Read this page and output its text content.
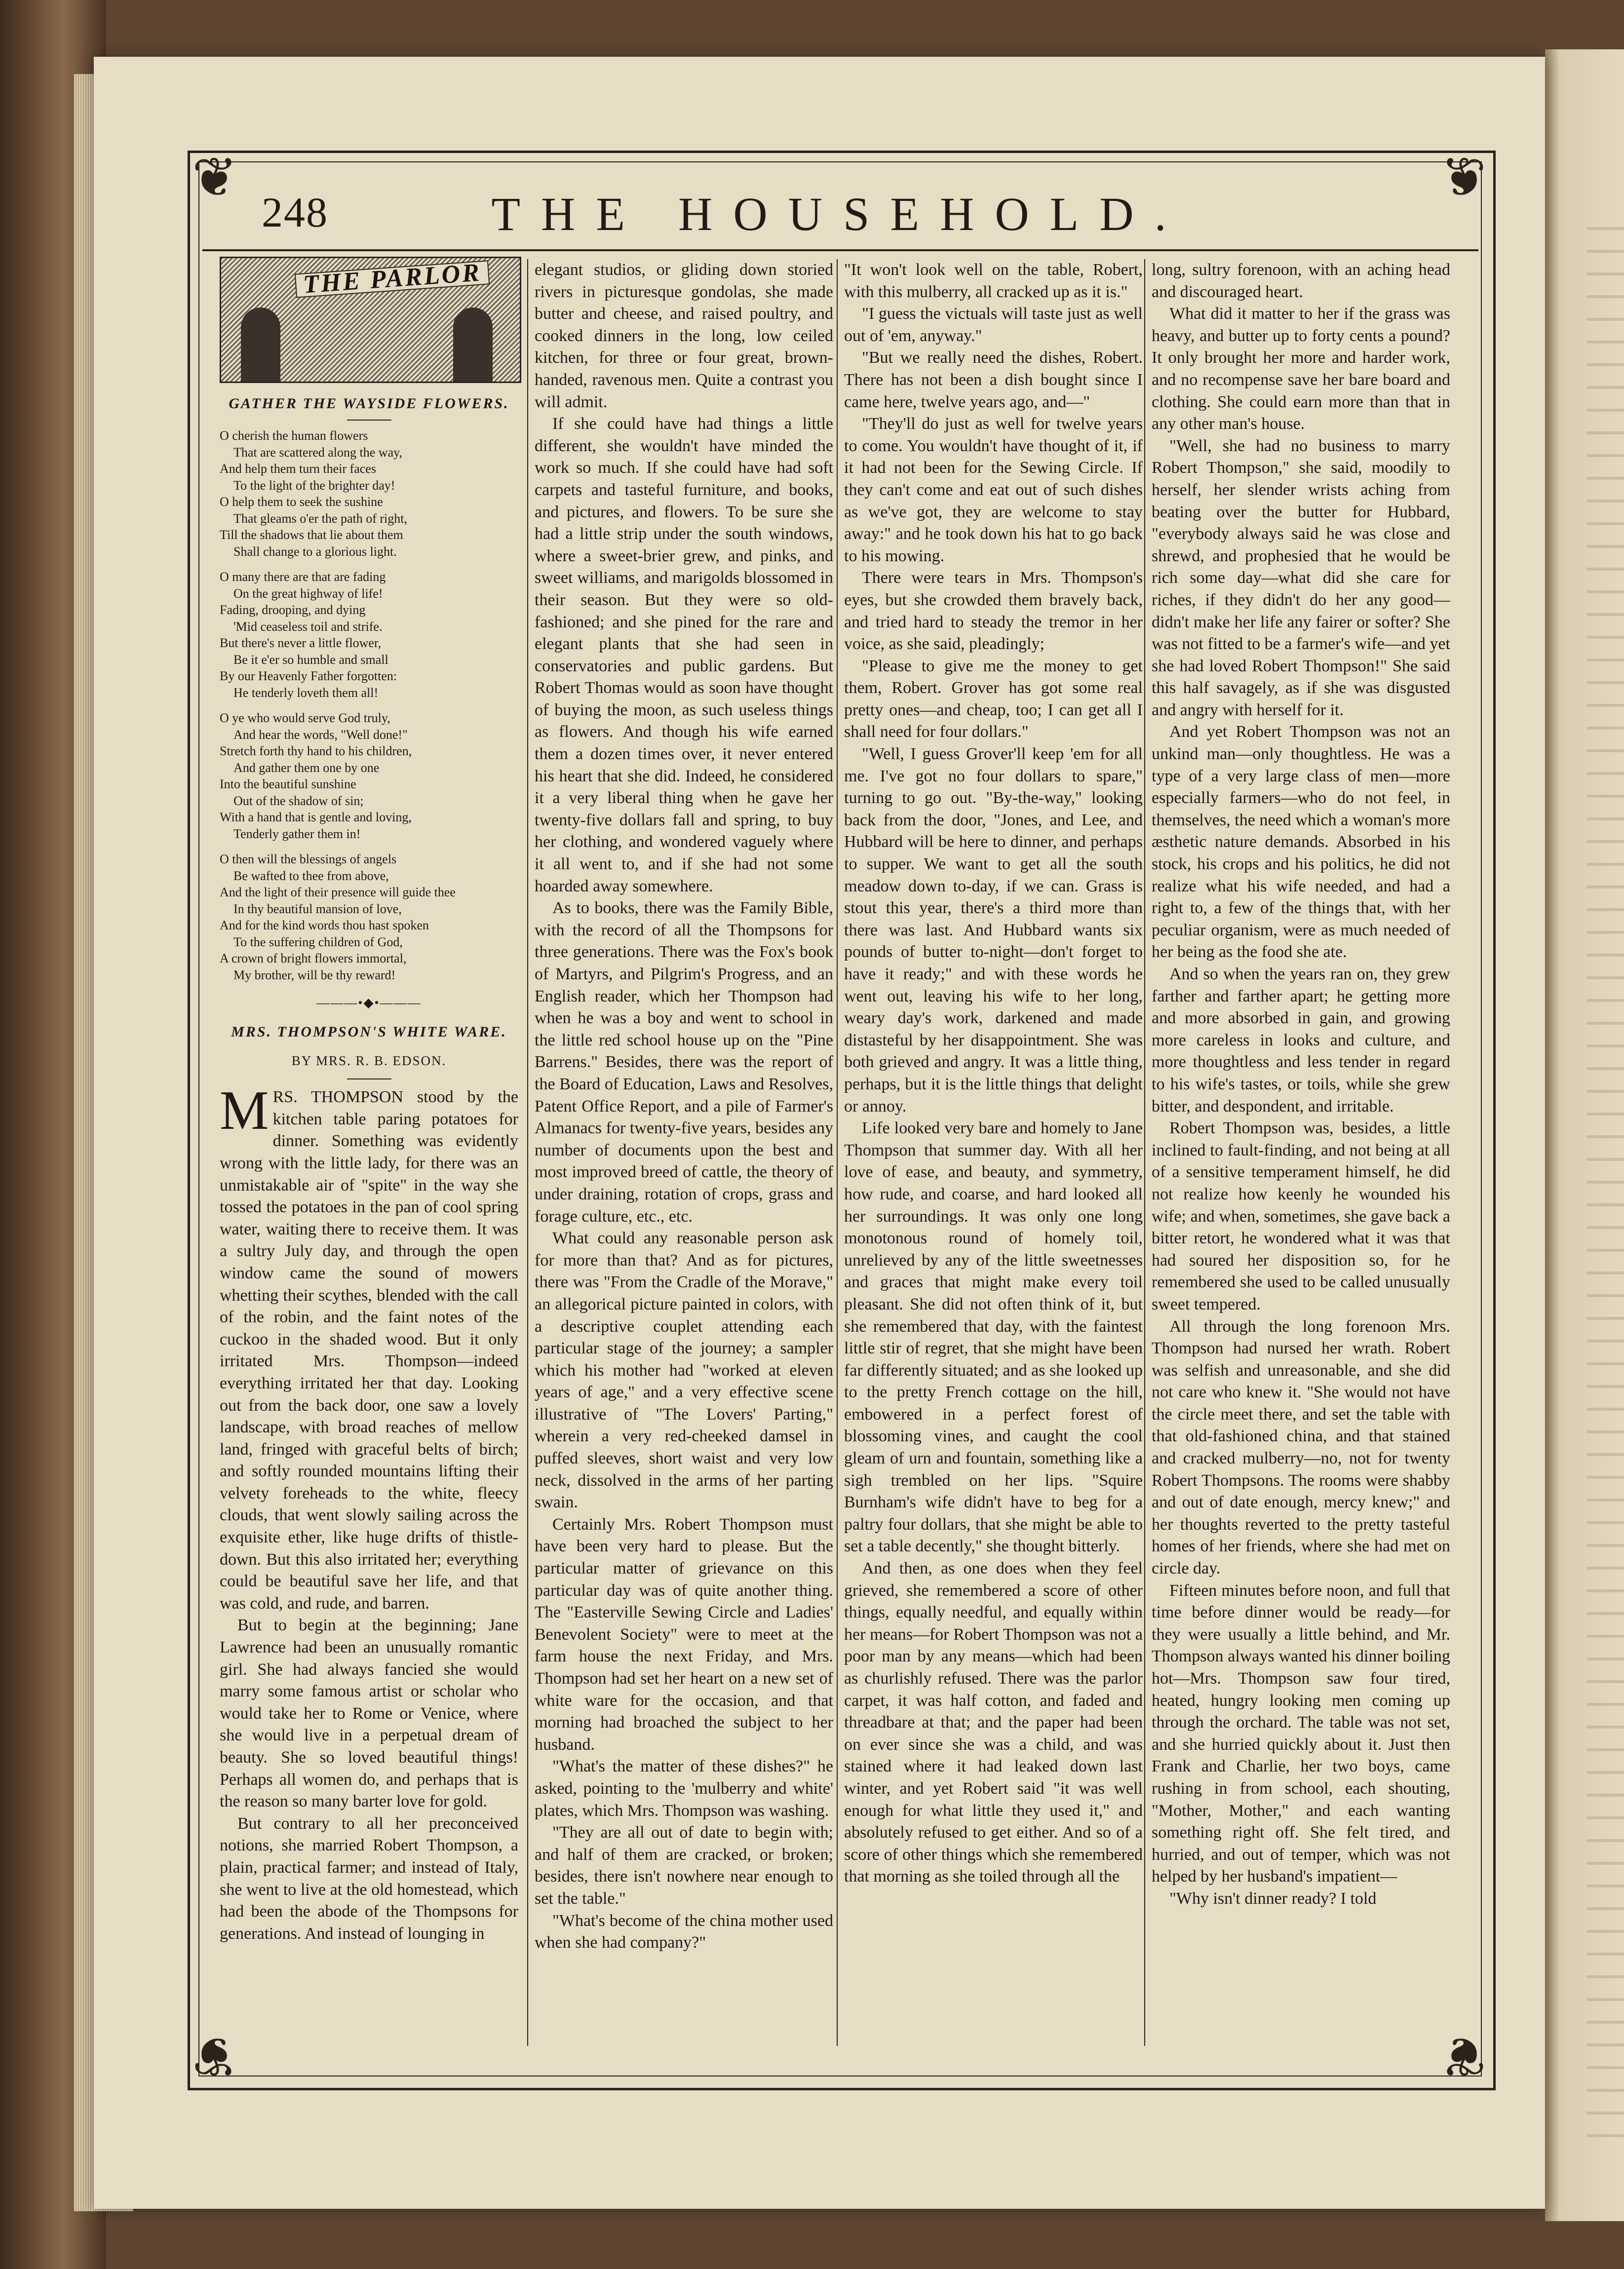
❦	❦
❦	❦
248	THE HOUSEHOLD.
THE PARLOR
GATHER THE WAYSIDE FLOWERS.
O cherish the human flowers
That are scattered along the way,
And help them turn their faces
To the light of the brighter day!
O help them to seek the sushine
That gleams o'er the path of right,
Till the shadows that lie about them
Shall change to a glorious light.
O many there are that are fading
On the great highway of life!
Fading, drooping, and dying
'Mid ceaseless toil and strife.
But there's never a little flower,
Be it e'er so humble and small
By our Heavenly Father forgotten:
He tenderly loveth them all!
O ye who would serve God truly,
And hear the words, "Well done!"
Stretch forth thy hand to his children,
And gather them one by one
Into the beautiful sunshine
Out of the shadow of sin;
With a hand that is gentle and loving,
Tenderly gather them in!
O then will the blessings of angels
Be wafted to thee from above,
And the light of their presence will guide thee
In thy beautiful mansion of love,
And for the kind words thou hast spoken
To the suffering children of God,
A crown of bright flowers immortal,
My brother, will be thy reward!
———•◆•———
MRS. THOMPSON'S WHITE WARE.
BY MRS. R. B. EDSON.

MRS. THOMPSON stood by the kitchen table paring potatoes for dinner. Something was evidently wrong with the little lady, for there was an unmistakable air of "spite" in the way she tossed the potatoes in the pan of cool spring water, waiting there to receive them. It was a sultry July day, and through the open window came the sound of mowers whetting their scythes, blended with the call of the robin, and the faint notes of the cuckoo in the shaded wood. But it only irritated Mrs. Thompson—indeed everything irritated her that day. Looking out from the back door, one saw a lovely landscape, with broad reaches of mellow land, fringed with graceful belts of birch; and softly rounded mountains lifting their velvety foreheads to the white, fleecy clouds, that went slowly sailing across the exquisite ether, like huge drifts of thistle-down. But this also irritated her; everything could be beautiful save her life, and that was cold, and rude, and barren.

But to begin at the beginning; Jane Lawrence had been an unusually romantic girl. She had always fancied she would marry some famous artist or scholar who would take her to Rome or Venice, where she would live in a perpetual dream of beauty. She so loved beautiful things! Perhaps all women do, and perhaps that is the reason so many barter love for gold.

But contrary to all her preconceived notions, she married Robert Thompson, a plain, practical farmer; and instead of Italy, she went to live at the old homestead, which had been the abode of the Thompsons for generations. And instead of lounging in

elegant studios, or gliding down storied rivers in picturesque gondolas, she made butter and cheese, and raised poultry, and cooked dinners in the long, low ceiled kitchen, for three or four great, brown-handed, ravenous men. Quite a contrast you will admit.

If she could have had things a little different, she wouldn't have minded the work so much. If she could have had soft carpets and tasteful furniture, and books, and pictures, and flowers. To be sure she had a little strip under the south windows, where a sweet-brier grew, and pinks, and sweet williams, and marigolds blossomed in their season. But they were so old-fashioned; and she pined for the rare and elegant plants that she had seen in conservatories and public gardens. But Robert Thomas would as soon have thought of buying the moon, as such useless things as flowers. And though his wife earned them a dozen times over, it never entered his heart that she did. Indeed, he considered it a very liberal thing when he gave her twenty-five dollars fall and spring, to buy her clothing, and wondered vaguely where it all went to, and if she had not some hoarded away somewhere.

As to books, there was the Family Bible, with the record of all the Thompsons for three generations. There was the Fox's book of Martyrs, and Pilgrim's Progress, and an English reader, which her Thompson had when he was a boy and went to school in the little red school house up on the "Pine Barrens." Besides, there was the report of the Board of Education, Laws and Resolves, Patent Office Report, and a pile of Farmer's Almanacs for twenty-five years, besides any number of documents upon the best and most improved breed of cattle, the theory of under draining, rotation of crops, grass and forage culture, etc., etc.

What could any reasonable person ask for more than that? And as for pictures, there was "From the Cradle of the Morave," an allegorical picture painted in colors, with a descriptive couplet attending each particular stage of the journey; a sampler which his mother had "worked at eleven years of age," and a very effective scene illustrative of "The Lovers' Parting," wherein a very red-cheeked damsel in puffed sleeves, short waist and very low neck, dissolved in the arms of her parting swain.

Certainly Mrs. Robert Thompson must have been very hard to please. But the particular matter of grievance on this particular day was of quite another thing. The "Easterville Sewing Circle and Ladies' Benevolent Society" were to meet at the farm house the next Friday, and Mrs. Thompson had set her heart on a new set of white ware for the occasion, and that morning had broached the subject to her husband.

"What's the matter of these dishes?" he asked, pointing to the 'mulberry and white' plates, which Mrs. Thompson was washing.

"They are all out of date to begin with; and half of them are cracked, or broken; besides, there isn't nowhere near enough to set the table."

"What's become of the china mother used when she had company?"

"It won't look well on the table, Robert, with this mulberry, all cracked up as it is."

"I guess the victuals will taste just as well out of 'em, anyway."

"But we really need the dishes, Robert. There has not been a dish bought since I came here, twelve years ago, and—"

"They'll do just as well for twelve years to come. You wouldn't have thought of it, if it had not been for the Sewing Circle. If they can't come and eat out of such dishes as we've got, they are welcome to stay away:" and he took down his hat to go back to his mowing.

There were tears in Mrs. Thompson's eyes, but she crowded them bravely back, and tried hard to steady the tremor in her voice, as she said, pleadingly;

"Please to give me the money to get them, Robert. Grover has got some real pretty ones—and cheap, too; I can get all I shall need for four dollars."

"Well, I guess Grover'll keep 'em for all me. I've got no four dollars to spare," turning to go out. "By-the-way," looking back from the door, "Jones, and Lee, and Hubbard will be here to dinner, and perhaps to supper. We want to get all the south meadow down to-day, if we can. Grass is stout this year, there's a third more than there was last. And Hubbard wants six pounds of butter to-night—don't forget to have it ready;" and with these words he went out, leaving his wife to her long, weary day's work, darkened and made distasteful by her disappointment. She was both grieved and angry. It was a little thing, perhaps, but it is the little things that delight or annoy.

Life looked very bare and homely to Jane Thompson that summer day. With all her love of ease, and beauty, and symmetry, how rude, and coarse, and hard looked all her surroundings. It was only one long monotonous round of homely toil, unrelieved by any of the little sweetnesses and graces that might make every toil pleasant. She did not often think of it, but she remembered that day, with the faintest little stir of regret, that she might have been far differently situated; and as she looked up to the pretty French cottage on the hill, embowered in a perfect forest of blossoming vines, and caught the cool gleam of urn and fountain, something like a sigh trembled on her lips. "Squire Burnham's wife didn't have to beg for a paltry four dollars, that she might be able to set a table decently," she thought bitterly.

And then, as one does when they feel grieved, she remembered a score of other things, equally needful, and equally within her means—for Robert Thompson was not a poor man by any means—which had been as churlishly refused. There was the parlor carpet, it was half cotton, and faded and threadbare at that; and the paper had been on ever since she was a child, and was stained where it had leaked down last winter, and yet Robert said "it was well enough for what little they used it," and absolutely refused to get either. And so of a score of other things which she remembered that morning as she toiled through all the

long, sultry forenoon, with an aching head and discouraged heart.

What did it matter to her if the grass was heavy, and butter up to forty cents a pound? It only brought her more and harder work, and no recompense save her bare board and clothing. She could earn more than that in any other man's house.

"Well, she had no business to marry Robert Thompson," she said, moodily to herself, her slender wrists aching from beating over the butter for Hubbard, "everybody always said he was close and shrewd, and prophesied that he would be rich some day—what did she care for riches, if they didn't do her any good—didn't make her life any fairer or softer? She was not fitted to be a farmer's wife—and yet she had loved Robert Thompson!" She said this half savagely, as if she was disgusted and angry with herself for it.

And yet Robert Thompson was not an unkind man—only thoughtless. He was a type of a very large class of men—more especially farmers—who do not feel, in themselves, the need which a woman's more æsthetic nature demands. Absorbed in his stock, his crops and his politics, he did not realize what his wife needed, and had a right to, a few of the things that, with her peculiar organism, were as much needed of her being as the food she ate.

And so when the years ran on, they grew farther and farther apart; he getting more and more absorbed in gain, and growing more careless in looks and culture, and more thoughtless and less tender in regard to his wife's tastes, or toils, while she grew bitter, and despondent, and irritable.

Robert Thompson was, besides, a little inclined to fault-finding, and not being at all of a sensitive temperament himself, he did not realize how keenly he wounded his wife; and when, sometimes, she gave back a bitter retort, he wondered what it was that had soured her disposition so, for he remembered she used to be called unusually sweet tempered.

All through the long forenoon Mrs. Thompson had nursed her wrath. Robert was selfish and unreasonable, and she did not care who knew it. "She would not have the circle meet there, and set the table with that old-fashioned china, and that stained and cracked mulberry—no, not for twenty Robert Thompsons. The rooms were shabby and out of date enough, mercy knew;" and her thoughts reverted to the pretty tasteful homes of her friends, where she had met on circle day.

Fifteen minutes before noon, and full that time before dinner would be ready—for they were usually a little behind, and Mr. Thompson always wanted his dinner boiling hot—Mrs. Thompson saw four tired, heated, hungry looking men coming up through the orchard. The table was not set, and she hurried quickly about it. Just then Frank and Charlie, her two boys, came rushing in from school, each shouting, "Mother, Mother," and each wanting something right off. She felt tired, and hurried, and out of temper, which was not helped by her husband's impatient—

"Why isn't dinner ready? I told
